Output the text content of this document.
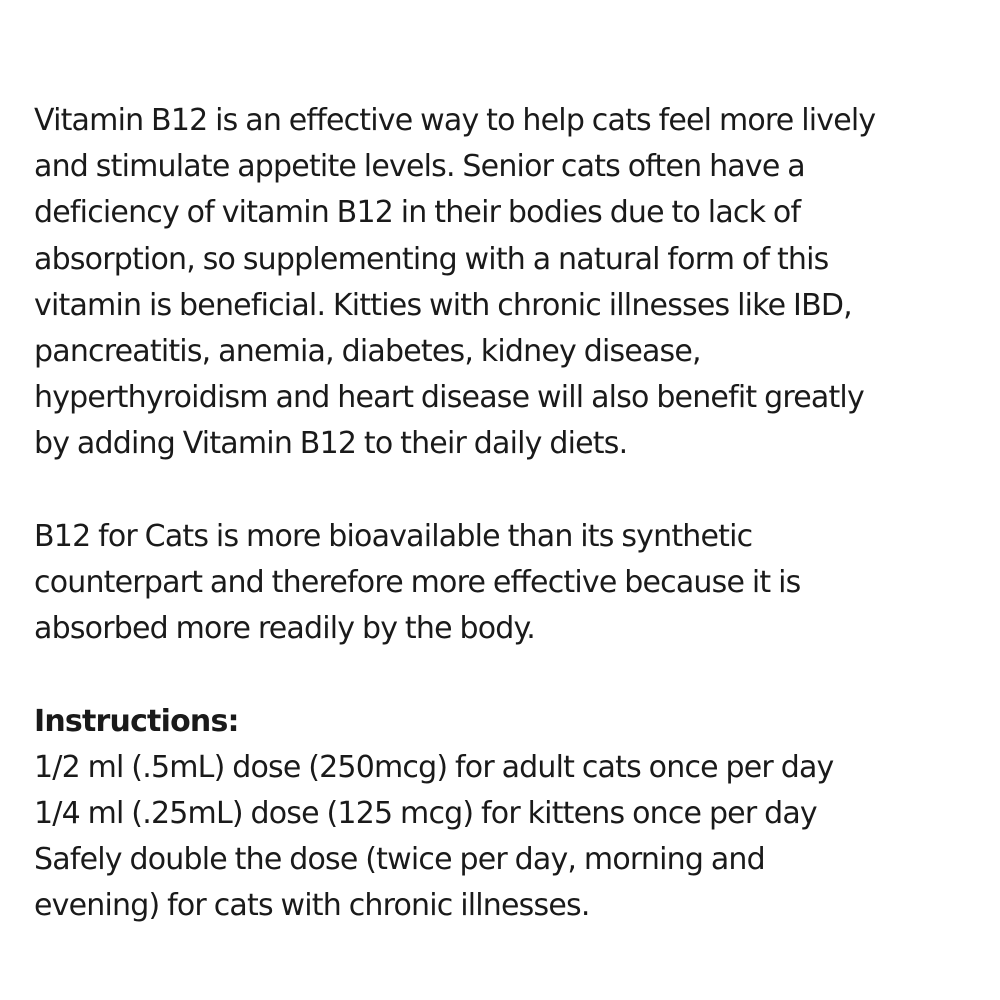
Vitamin B12 is an effective way to help cats feel more lively
and stimulate appetite levels. Senior cats often have a
deficiency of vitamin B12 in their bodies due to lack of
absorption, so supplementing with a natural form of this
vitamin is beneficial. Kitties with chronic illnesses like IBD,
pancreatitis, anemia, diabetes, kidney disease,
hyperthyroidism and heart disease will also benefit greatly
by adding Vitamin B12 to their daily diets.

B12 for Cats is more bioavailable than its synthetic
counterpart and therefore more effective because it is
absorbed more readily by the body.

Instructions:
1/2 ml (.5mL) dose (250mcg) for adult cats once per day
1/4 ml (.25mL) dose (125 mcg) for kittens once per day
Safely double the dose (twice per day, morning and
evening) for cats with chronic illnesses.
